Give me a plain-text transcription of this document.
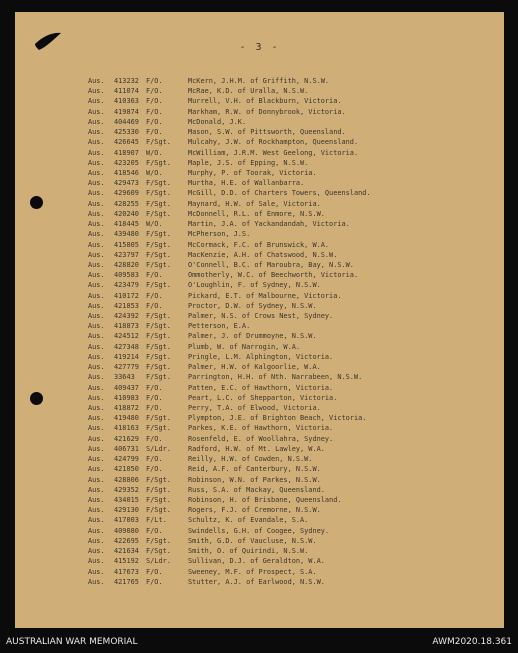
- 3 -
Aus. 413232 F/O.	McKern, J.H.M. of Griffith, N.S.W.
Aus. 411074 F/O.	McRae, K.D. of Uralla, N.S.W.
Aus. 410363 F/O.	Murrell, V.H. of Blackburn, Victoria.
Aus. 419874 F/O.	Markham, R.W. of Donnybrook, Victoria.
Aus. 404469 F/O.	McDonald, J.K.
Aus. 425330 F/O.	Mason, S.W. of Pittsworth, Queensland.
Aus. 426645 F/Sgt. Mulcahy, J.W. of Rockhampton, Queensland.
Aus. 418907 W/O.	McWilliam, J.R.M. West Geelong, Victoria.
Aus. 423205 F/Sgt. Maple, J.S. of Epping, N.S.W.
Aus. 418546 W/O.	Murphy, P. of Toorak, Victoria.
Aus. 429473 F/Sgt. Murtha, H.E. of Wallanbarra.
Aus. 429609 F/Sgt. McGill, D.D. of Charters Towers, Queensland.
Aus. 428255 F/Sgt. Maynard, H.W. of Sale, Victoria.
Aus. 420240 F/Sgt. McDonnell, R.L. of Enmore, N.S.W.
Aus. 418445 W/O.	Martin, J.A. of Yackandandah, Victoria.
Aus. 439480 F/Sgt. McPherson, J.S.
Aus. 415805 F/Sgt. McCormack, F.C. of Brunswick, W.A.
Aus. 423797 F/Sgt. MacKenzie, A.H. of Chatswood, N.S.W.
Aus. 428820 F/Sgt. O'Connell, B.C. of Maroubra, Bay, N.S.W.
Aus. 409583 F/O.	Ommotherly, W.C. of Beechworth, Victoria.
Aus. 423479 F/Sgt. O'Loughlin, F. of Sydney, N.S.W.
Aus. 410172 F/O.	Pickard, E.T. of Malbourne, Victoria.
Aus. 421853 F/O.	Proctor, D.W. of Sydney, N.S.W.
Aus. 424392 F/Sgt. Palmer, N.S. of Crows Nest, Sydney.
Aus. 418873 F/Sgt. Petterson, E.A.
Aus. 424512 F/Sgt. Palmer, J. of Drummoyne, N.S.W.
Aus. 427348 F/Sgt. Plumb, W. of Narrogin, W.A.
Aus. 419214 F/Sgt. Pringle, L.M. Alphington, Victoria.
Aus. 427779 F/Sgt. Palmer, H.W. of Kalgoorlie, W.A.
Aus. 33643 F/Sgt. Parrington, H.H. of Nth. Narrabeen, N.S.W.
Aus. 409437 F/O.	Patten, E.C. of Hawthorn, Victoria.
Aus. 410983 F/O.	Peart, L.C. of Shepparton, Victoria.
Aus. 418872 F/O.	Perry, T.A. of Elwood, Victoria.
Aus. 419480 F/Sgt. Plympton, J.E. of Brighton Beach, Victoria.
Aus. 418163 F/Sgt. Parkes, K.E. of Hawthorn, Victoria.
Aus. 421629 F/O.	Rosenfeld, E. of Woollahra, Sydney.
Aus. 406731 S/Ldr. Radford, H.W. of Mt. Lawley, W.A.
Aus. 424799 F/O.	Reilly, H.W. of Cowden, N.S.W.
Aus. 421050 F/O.	Reid, A.F. of Canterbury, N.S.W.
Aus. 428806 F/Sgt. Robinson, W.N. of Parkes, N.S.W.
Aus. 429352 F/Sgt. Russ, S.A. of Mackay, Queensland.
Aus. 434015 F/Sgt. Robinson, H. of Brisbane, Queensland.
Aus. 429130 F/Sgt. Rogers, F.J. of Cremorne, N.S.W.
Aus. 417003 F/Lt.	Schultz, K. of Evandale, S.A.
Aus. 409080 F/O.	Swindells, G.H. of Coogee, Sydney.
Aus. 422695 F/Sgt. Smith, G.D. of Vaucluse, N.S.W.
Aus. 421634 F/Sgt. Smith, O. of Quirindi, N.S.W.
Aus. 415192 S/Ldr. Sullivan, D.J. of Geraldton, W.A.
Aus. 417673 F/O.	Sweeney, M.F. of Prospect, S.A.
Aus. 421765 F/O.	Stutter, A.J. of Earlwood, N.S.W.
AUSTRALIAN WAR MEMORIAL	AWM2020.18.361
